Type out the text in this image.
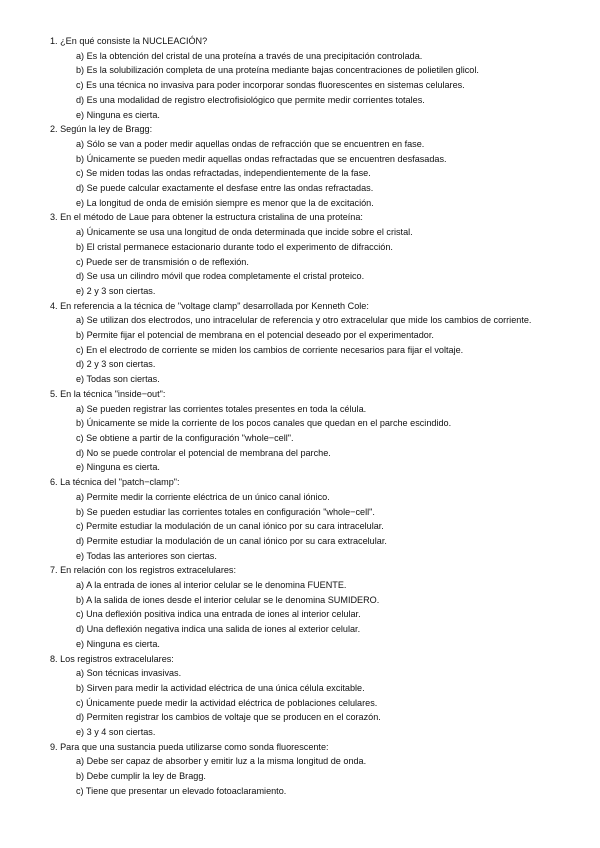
1. ¿En qué consiste la NUCLEACIÓN?
a) Es la obtención del cristal de una proteína a través de una precipitación controlada.
b) Es la solubilización completa de una proteína mediante bajas concentraciones de polietilen glicol.
c) Es una técnica no invasiva para poder incorporar sondas fluorescentes en sistemas celulares.
d) Es una modalidad de registro electrofisiológico que permite medir corrientes totales.
e) Ninguna es cierta.
2. Según la ley de Bragg:
a) Sólo se van a poder medir aquellas ondas de refracción que se encuentren en fase.
b) Únicamente se pueden medir aquellas ondas refractadas que se encuentren desfasadas.
c) Se miden todas las ondas refractadas, independientemente de la fase.
d) Se puede calcular exactamente el desfase entre las ondas refractadas.
e) La longitud de onda de emisión siempre es menor que la de excitación.
3. En el método de Laue para obtener la estructura cristalina de una proteína:
a) Únicamente se usa una longitud de onda determinada que incide sobre el cristal.
b) El cristal permanece estacionario durante todo el experimento de difracción.
c) Puede ser de transmisión o de reflexión.
d) Se usa un cilindro móvil que rodea completamente el cristal proteico.
e) 2 y 3 son ciertas.
4. En referencia a la técnica de "voltage clamp" desarrollada por Kenneth Cole:
a) Se utilizan dos electrodos, uno intracelular de referencia y otro extracelular que mide los cambios de corriente.
b) Permite fijar el potencial de membrana en el potencial deseado por el experimentador.
c) En el electrodo de corriente se miden los cambios de corriente necesarios para fijar el voltaje.
d) 2 y 3 son ciertas.
e) Todas son ciertas.
5. En la técnica "inside−out":
a) Se pueden registrar las corrientes totales presentes en toda la célula.
b) Únicamente se mide la corriente de los pocos canales que quedan en el parche escindido.
c) Se obtiene a partir de la configuración "whole−cell".
d) No se puede controlar el potencial de membrana del parche.
e) Ninguna es cierta.
6. La técnica del "patch−clamp":
a) Permite medir la corriente eléctrica de un único canal iónico.
b) Se pueden estudiar las corrientes totales en configuración "whole−cell".
c) Permite estudiar la modulación de un canal iónico por su cara intracelular.
d) Permite estudiar la modulación de un canal iónico por su cara extracelular.
e) Todas las anteriores son ciertas.
7. En relación con los registros extracelulares:
a) A la entrada de iones al interior celular se le denomina FUENTE.
b) A la salida de iones desde el interior celular se le denomina SUMIDERO.
c) Una deflexión positiva indica una entrada de iones al interior celular.
d) Una deflexión negativa indica una salida de iones al exterior celular.
e) Ninguna es cierta.
8. Los registros extracelulares:
a) Son técnicas invasivas.
b) Sirven para medir la actividad eléctrica de una única célula excitable.
c) Únicamente puede medir la actividad eléctrica de poblaciones celulares.
d) Permiten registrar los cambios de voltaje que se producen en el corazón.
e) 3 y 4 son ciertas.
9. Para que una sustancia pueda utilizarse como sonda fluorescente:
a) Debe ser capaz de absorber y emitir luz a la misma longitud de onda.
b) Debe cumplir la ley de Bragg.
c) Tiene que presentar un elevado fotoaclaramiento.
